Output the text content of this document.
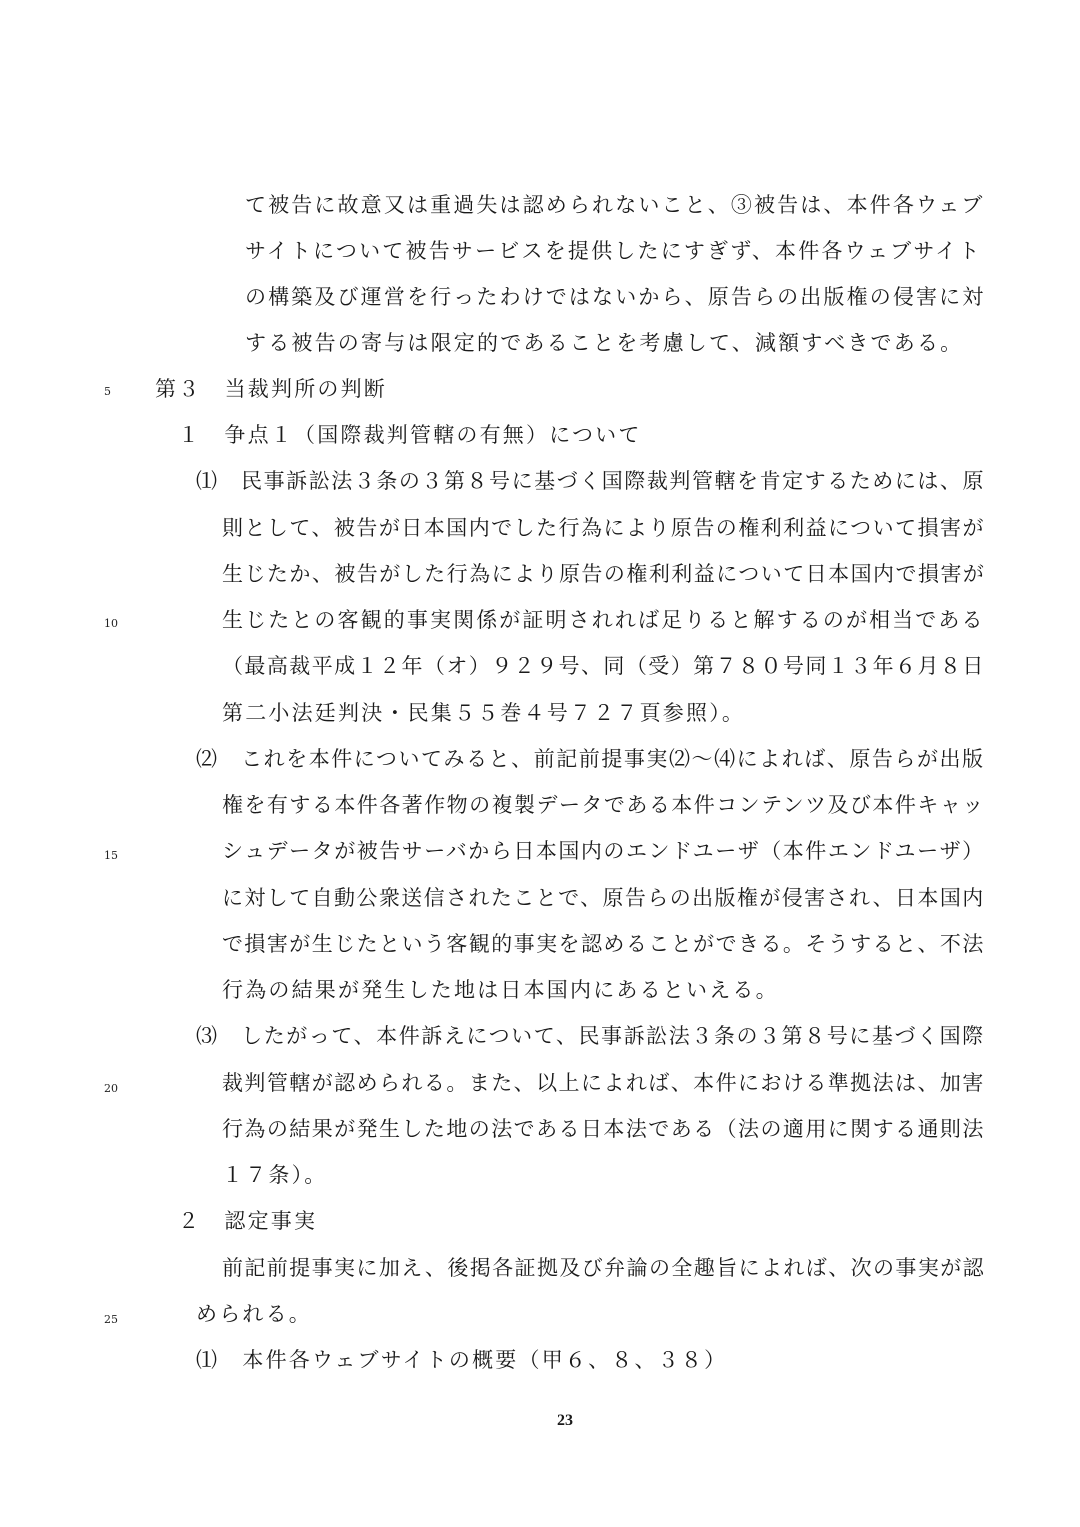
て被告に故意又は重過失は認められないこと、③被告は、本件各ウェブ
サイトについて被告サービスを提供したにすぎず、本件各ウェブサイト
の構築及び運営を行ったわけではないから、原告らの出版権の侵害に対
する被告の寄与は限定的であることを考慮して、減額すべきである。
5	第３　当裁判所の判断
１　争点１（国際裁判管轄の有無）について
⑴　民事訴訟法３条の３第８号に基づく国際裁判管轄を肯定するためには、原
則として、被告が日本国内でした行為により原告の権利利益について損害が
生じたか、被告がした行為により原告の権利利益について日本国内で損害が
10	生じたとの客観的事実関係が証明されれば足りると解するのが相当である
（最高裁平成１２年（オ）９２９号、同（受）第７８０号同１３年６月８日
第二小法廷判決・民集５５巻４号７２７頁参照）。
⑵　これを本件についてみると、前記前提事実⑵～⑷によれば、原告らが出版
権を有する本件各著作物の複製データである本件コンテンツ及び本件キャッ
15	シュデータが被告サーバから日本国内のエンドユーザ（本件エンドユーザ）
に対して自動公衆送信されたことで、原告らの出版権が侵害され、日本国内
で損害が生じたという客観的事実を認めることができる。そうすると、不法
行為の結果が発生した地は日本国内にあるといえる。
⑶　したがって、本件訴えについて、民事訴訟法３条の３第８号に基づく国際
20	裁判管轄が認められる。また、以上によれば、本件における準拠法は、加害
行為の結果が発生した地の法である日本法である（法の適用に関する通則法
１７条）。
２　認定事実
前記前提事実に加え、後掲各証拠及び弁論の全趣旨によれば、次の事実が認
25	められる。
⑴　本件各ウェブサイトの概要（甲６、８、３８）
23
